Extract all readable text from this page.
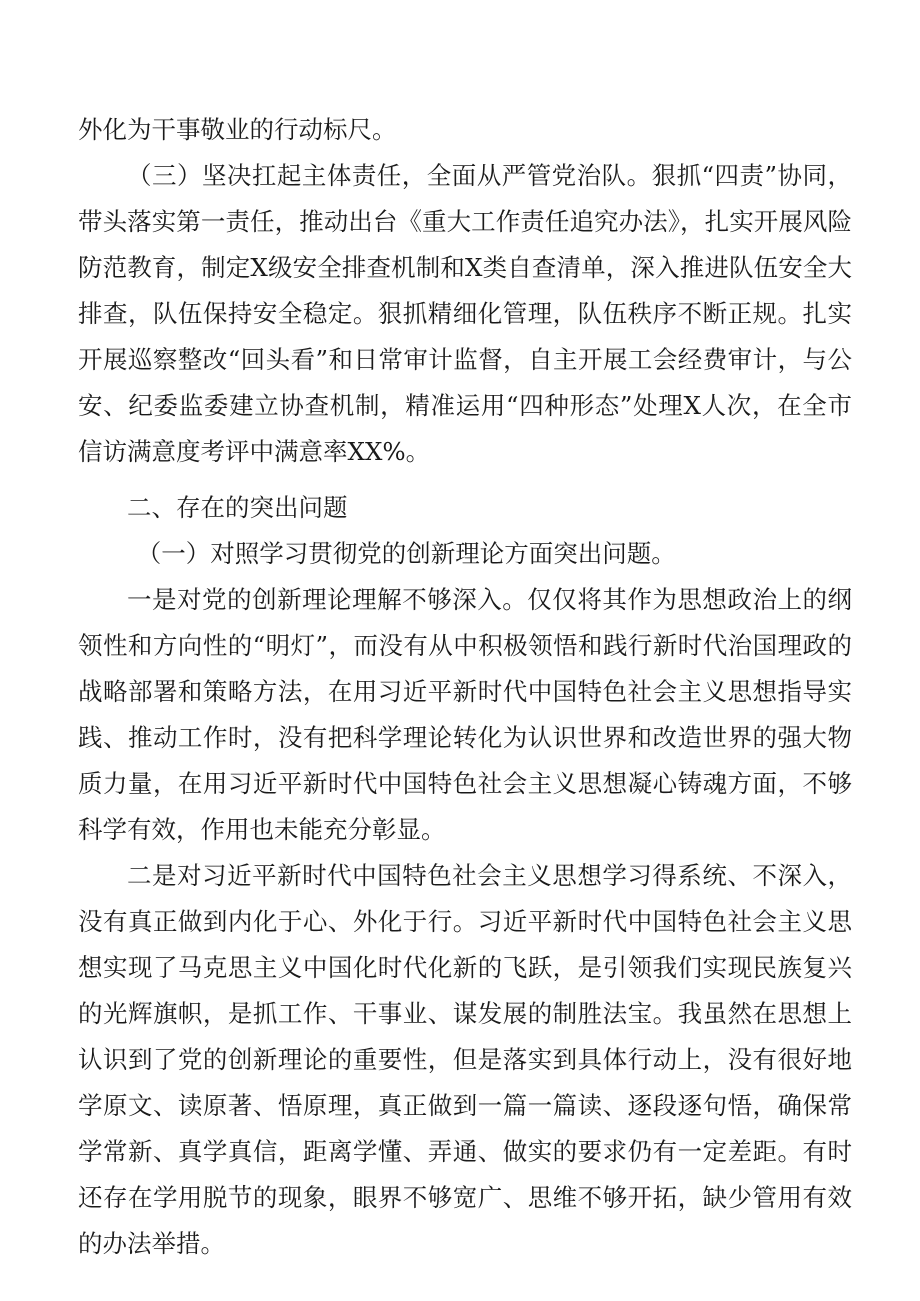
外化为干事敬业的行动标尺。

（三）坚决扛起主体责任，全面从严管党治队。狠抓“四责”协同，带头落实第一责任，推动出台《重大工作责任追究办法》，扎实开展风险防范教育，制定X级安全排查机制和X类自查清单，深入推进队伍安全大排查，队伍保持安全稳定。狠抓精细化管理，队伍秩序不断正规。扎实开展巡察整改“回头看”和日常审计监督，自主开展工会经费审计，与公安、纪委监委建立协查机制，精准运用“四种形态”处理X人次，在全市信访满意度考评中满意率XX%。

二、存在的突出问题

（一）对照学习贯彻党的创新理论方面突出问题。

一是对党的创新理论理解不够深入。仅仅将其作为思想政治上的纲领性和方向性的“明灯”，而没有从中积极领悟和践行新时代治国理政的战略部署和策略方法，在用习近平新时代中国特色社会主义思想指导实践、推动工作时，没有把科学理论转化为认识世界和改造世界的强大物质力量，在用习近平新时代中国特色社会主义思想凝心铸魂方面，不够科学有效，作用也未能充分彰显。

二是对习近平新时代中国特色社会主义思想学习得系统、不深入，没有真正做到内化于心、外化于行。习近平新时代中国特色社会主义思想实现了马克思主义中国化时代化新的飞跃，是引领我们实现民族复兴的光辉旗帜，是抓工作、干事业、谋发展的制胜法宝。我虽然在思想上认识到了党的创新理论的重要性，但是落实到具体行动上，没有很好地学原文、读原著、悟原理，真正做到一篇一篇读、逐段逐句悟，确保常学常新、真学真信，距离学懂、弄通、做实的要求仍有一定差距。有时还存在学用脱节的现象，眼界不够宽广、思维不够开拓，缺少管用有效的办法举措。
